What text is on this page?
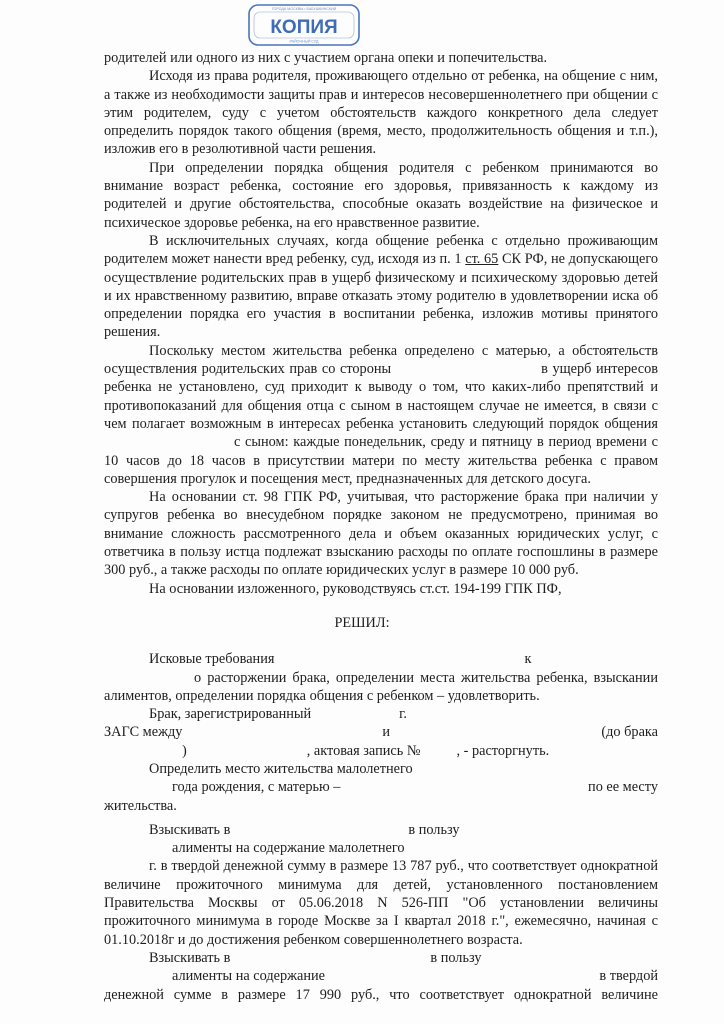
ГОРОДА МОСКВЫ • БАБУШКИНСКИЙ
КОПИЯ
РАЙОННЫЙ СУД

родителей или одного из них с участием органа опеки и попечительства.

Исходя из права родителя, проживающего отдельно от ребенка, на общение с ним, а также из необходимости защиты прав и интересов несовершеннолетнего при общении с этим родителем, суду с учетом обстоятельств каждого конкретного дела следует определить порядок такого общения (время, место, продолжительность общения и т.п.), изложив его в резолютивной части решения.

При определении порядка общения родителя с ребенком принимаются во внимание возраст ребенка, состояние его здоровья, привязанность к каждому из родителей и другие обстоятельства, способные оказать воздействие на физическое и психическое здоровье ребенка, на его нравственное развитие.

В исключительных случаях, когда общение ребенка с отдельно проживающим родителем может нанести вред ребенку, суд, исходя из п. 1 ст. 65 СК РФ, не допускающего осуществление родительских прав в ущерб физическому и психическому здоровью детей и их нравственному развитию, вправе отказать этому родителю в удовлетворении иска об определении порядка его участия в воспитании ребенка, изложив мотивы принятого решения.

Поскольку местом жительства ребенка определено с матерью, а обстоятельств осуществления родительских прав со стороны	в ущерб интересов ребенка не установлено, суд приходит к выводу о том, что каких-либо препятствий и противопоказаний для общения отца с сыном в настоящем случае не имеется, в связи с чем полагает возможным в интересах ребенка установить следующий порядок общенияс сыном: каждые понедельник, среду и пятницу в период времени с 10 часов до 18 часов в присутствии матери по месту жительства ребенка с правом совершения прогулок и посещения мест, предназначенных для детского досуга.

На основании ст. 98 ГПК РФ, учитывая, что расторжение брака при наличии у супругов ребенка во внесудебном порядке законом не предусмотрено, принимая во внимание сложность рассмотренного дела и объем оказанных юридических услуг, с ответчика в пользу истца подлежат взысканию расходы по оплате госпошлины в размере 300 руб., а также расходы по оплате юридических услуг в размере 10 000 руб.

На основании изложенного, руководствуясь ст.ст. 194-199 ГПК ПФ,

РЕШИЛ:

Исковые требования	к

о расторжении брака, определении места жительства ребенка, взыскании алиментов, определении порядка общения с ребенком – удовлетворить.

Брак, зарегистрированный	г.

ЗАГС между	и	(до брака

)	, актовая запись №	, - расторгнуть.

Определить место жительства малолетнего

года рождения, с матерью –	по ее месту

жительства.

Взыскивать в	в пользу

алименты на содержание малолетнего

г. в твердой денежной сумму в размере 13 787 руб., что соответствует однократной величине прожиточного минимума для детей, установленного постановлением Правительства Москвы от 05.06.2018 N 526-ПП "Об установлении величины прожиточного минимума в городе Москве за I квартал 2018 г.", ежемесячно, начиная с 01.10.2018г и до достижения ребенком совершеннолетнего возраста.

Взыскивать в	в пользу

алименты на содержание	в твердой

денежной сумме в размере 17 990 руб., что соответствует однократной величине
